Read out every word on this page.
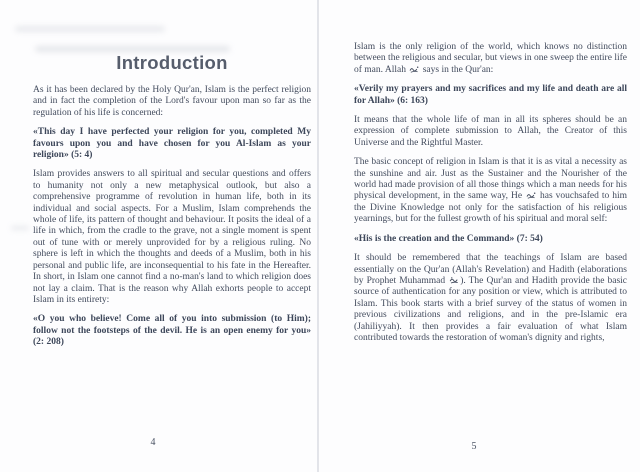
Introduction

As it has been declared by the Holy Qur'an, Islam is the perfect religion and in fact the completion of the Lord's favour upon man so far as the regulation of his life is concerned:

«This day I have perfected your religion for you, completed My favours upon you and have chosen for you Al-Islam as your religion» (5: 4)

Islam provides answers to all spiritual and secular questions and offers to humanity not only a new metaphysical outlook, but also a comprehensive programme of revolution in human life, both in its individual and social aspects. For a Muslim, Islam comprehends the whole of life, its pattern of thought and behaviour. It posits the ideal of a life in which, from the cradle to the grave, not a single moment is spent out of tune with or merely unprovided for by a religious ruling. No sphere is left in which the thoughts and deeds of a Muslim, both in his personal and public life, are inconsequential to his fate in the Hereafter. In short, in Islam one cannot find a no-man's land to which religion does not lay a claim. That is the reason why Allah exhorts people to accept Islam in its entirety:

«O you who believe! Come all of you into submission (to Him); follow not the footsteps of the devil. He is an open enemy for you» (2: 208)

4

Islam is the only religion of the world, which knows no distinction between the religious and secular, but views in one sweep the entire life of man. Allah
says in the Qur'an:

«Verily my prayers and my sacrifices and my life and death are all for Allah» (6: 163)

It means that the whole life of man in all its spheres should be an expression of complete submission to Allah, the Creator of this Universe and the Rightful Master.

The basic concept of religion in Islam is that it is as vital a necessity as the sunshine and air. Just as the Sustainer and the Nourisher of the world had made provision of all those things which a man needs for his physical development, in the same way, He
has vouchsafed to him the Divine Knowledge not only for the satisfaction of his religious yearnings, but for the fullest growth of his spiritual and moral self:

«His is the creation and the Command» (7: 54)

It should be remembered that the teachings of Islam are based essentially on the Qur'an (Allah's Revelation) and Hadith (elaborations by Prophet Muhammad
). The Qur'an and Hadith provide the basic source of authentication for any position or view, which is attributed to Islam. This book starts with a brief survey of the status of women in previous civilizations and religions, and in the pre-Islamic era (Jahiliyyah). It then provides a fair evaluation of what Islam contributed towards the restoration of woman's dignity and rights,

5
